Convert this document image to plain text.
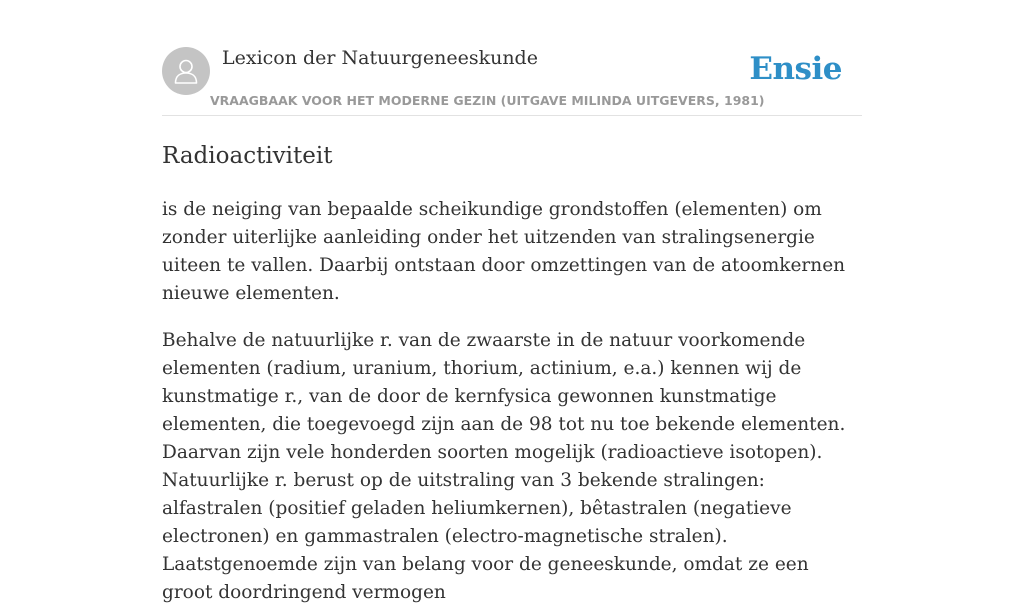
Lexicon der Natuurgeneeskunde
VRAAGBAAK VOOR HET MODERNE GEZIN (UITGAVE MILINDA UITGEVERS, 1981)
Ensie
Radioactiviteit

is de neiging van bepaalde scheikundige grondstoffen (elementen) om zonder uiterlijke aanleiding onder het uitzenden van stralingsenergie uiteen te vallen. Daarbij ontstaan door omzettingen van de atoomkernen nieuwe elementen.

Behalve de natuurlijke r. van de zwaarste in de natuur voorkomende elementen (radium, uranium, thorium, actinium, e.a.) kennen wij de kunstmatige r., van de door de kernfysica gewonnen kunstmatige elementen, die toegevoegd zijn aan de 98 tot nu toe bekende elementen. Daarvan zijn vele honderden soorten mogelijk (radioactieve isotopen). Natuurlijke r. berust op de uitstraling van 3 bekende stralingen: alfastralen (positief geladen heliumkernen), bêtastralen (negatieve electronen) en gammastralen (electro-magnetische stralen). Laatstgenoemde zijn van belang voor de geneeskunde, omdat ze een groot doordringend vermogen
